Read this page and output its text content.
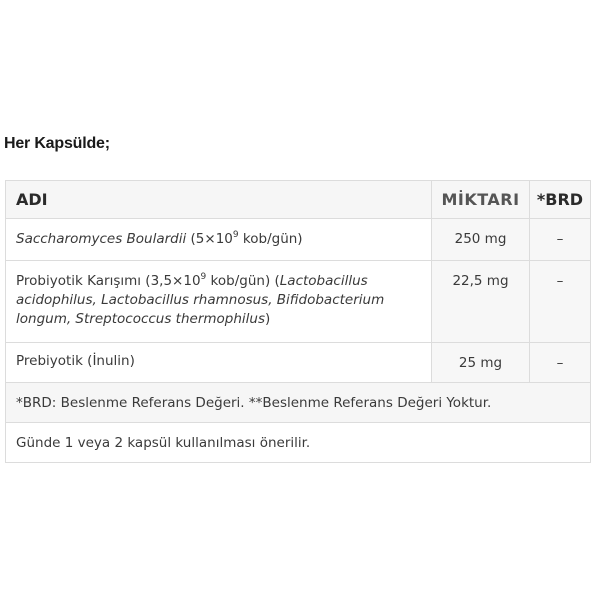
Her Kapsülde;
ADI	MİKTARI	*BRD
Saccharomyces Boulardii ($5\times 10^9$ kob/gün)	250 mg	–
Probiyotik Karışımı ($3,5\times 10^9$ kob/gün) (Lactobacillus acidophilus, Lactobacillus rhamnosus, Bifidobacterium longum, Streptococcus thermophilus)	22,5 mg	–
Prebiyotik (İnulin)	25 mg	–
*BRD: Beslenme Referans Değeri. **Beslenme Referans Değeri Yoktur.		
Günde 1 veya 2 kapsül kullanılması önerilir.		
